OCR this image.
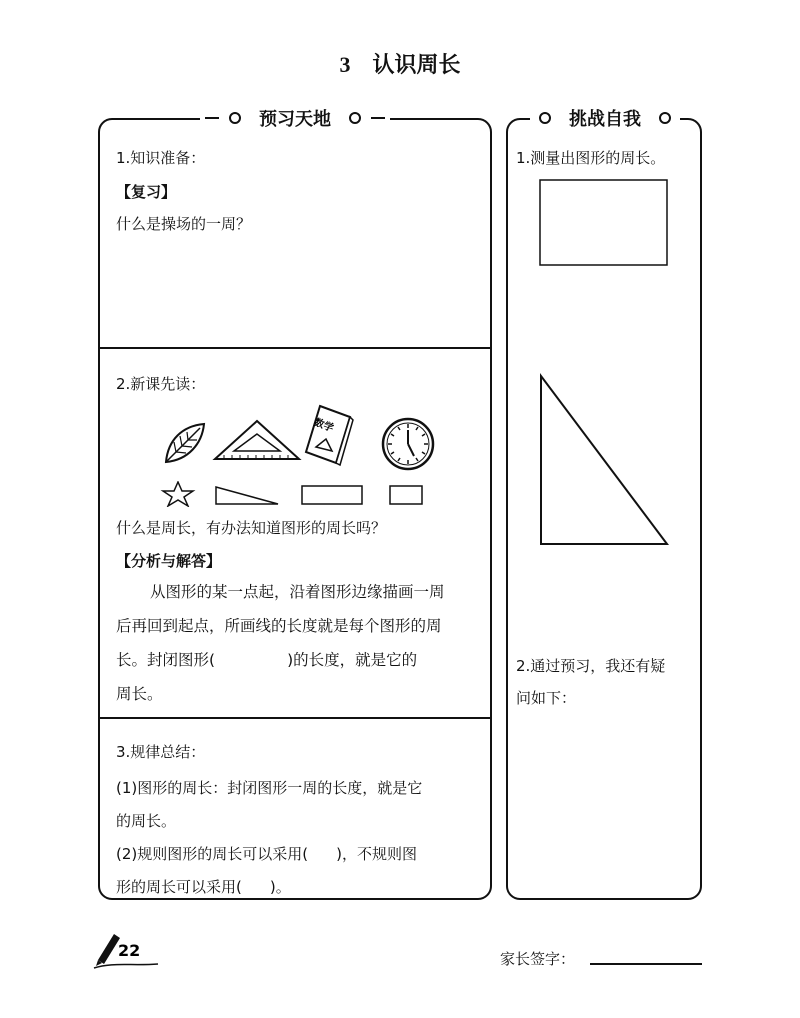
3 认识周长
预习天地	挑战自我
1.知识准备：
【复习】
什么是操场的一周？
2.新课先读：
数学
什么是周长，有办法知道图形的周长吗？
【分析与解答】
从图形的某一点起，沿着图形边缘描画一周
后再回到起点，所画线的长度就是每个图形的周
长。封闭图形(	)的长度，就是它的
周长。
3.规律总结：
(1)图形的周长：封闭图形一周的长度，就是它
的周长。
(2)规则图形的周长可以采用( )，不规则图
形的周长可以采用( )。
1.测量出图形的周长。
2.通过预习，我还有疑
问如下：
22	家长签字：
